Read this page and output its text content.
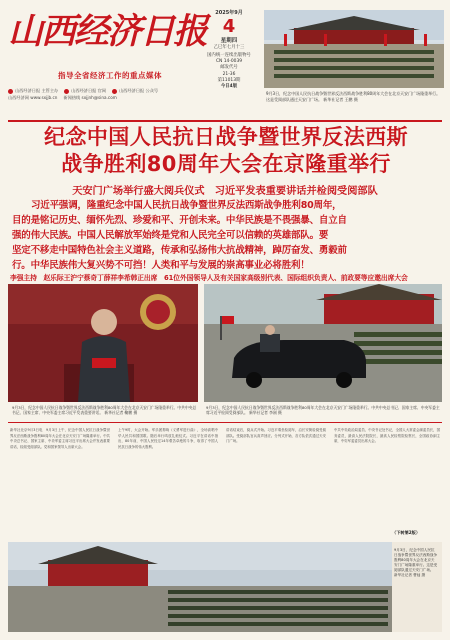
山西经济日报
指导全省经济工作的重点媒体
山西经济日报 主管主办	山西经济日报 官网	山西经济日报 公众号
山西经济网 www.sxjjb.cn 新闻热线 sxjjnh@sina.com
2025年9月
4
星期四
乙巳年七月十三
国内统一连续出版物号
CN 14-0039
邮发代号
21-36
第11013期
今日4版
9月3日，纪念中国人民抗日战争暨世界反法西斯战争胜利80周年大会在北京天安门广场隆重举行。这是受阅部队通过天安门广场。 新华社记者 王鹏 摄
纪念中国人民抗日战争暨世界反法西斯
战争胜利80周年大会在京隆重举行
天安门广场举行盛大阅兵仪式　习近平发表重要讲话并检阅受阅部队
习近平强调，隆重纪念中国人民抗日战争暨世界反法西斯战争胜利80周年，
目的是铭记历史、缅怀先烈、珍爱和平、开创未来。中华民族是不畏强暴、自立自
强的伟大民族。中国人民解放军始终是党和人民完全可以信赖的英雄部队。要
坚定不移走中国特色社会主义道路，传承和弘扬伟大抗战精神，踔厉奋发、勇毅前
行。中华民族伟大复兴势不可挡！人类和平与发展的崇高事业必将胜利！
李强主持　赵乐际王沪宁蔡奇丁薛祥李希韩正出席　61位外国领导人及有关国家高级别代表、国际组织负责人、前政要等应邀出席大会
9月3日，纪念中国人民抗日战争暨世界反法西斯战争胜利80周年大会在北京天安门广场隆重举行。中共中央总书记、国家主席、中央军委主席习近平发表重要讲话。 新华社记者 鞠鹏 摄
9月3日，纪念中国人民抗日战争暨世界反法西斯战争胜利80周年大会在北京天安门广场隆重举行。中共中央总书记、国家主席、中央军委主席习近平检阅受阅部队。 新华社记者 李刚 摄
新华社北京9月3日电　9月3日上午，纪念中国人民抗日战争暨世界反法西斯战争胜利80周年大会在北京天安门广场隆重举行。中共中央总书记、国家主席、中央军委主席习近平出席大会并发表重要讲话，检阅受阅部队。党和国家领导人出席大会。
上午9时，大会开始。军乐团奏响《义勇军进行曲》，全场高唱中华人民共和国国歌。随后举行鸣放礼炮仪式。习近平在讲话中指出，80年前，中国人民经过14年艰苦卓绝的斗争，取得了中国人民抗日战争的伟大胜利。
讲话结束后，阅兵式开始。习近平乘坐检阅车，沿长安街检阅受阅部队。受阅部队官兵高声回应。分列式开始，各方队依次通过天安门广场。
中共中央政治局委员、中央书记处书记，全国人大常委会副委员长，国务委员，最高人民法院院长，最高人民检察院检察长，全国政协副主席，中央军委委员出席大会。
（下转第2版）
9月3日，纪念中国人民抗日战争暨世界反法西斯战争胜利80周年大会在北京天安门广场隆重举行。这是受阅部队通过天安门广场。 新华社记者 曹灿 摄
